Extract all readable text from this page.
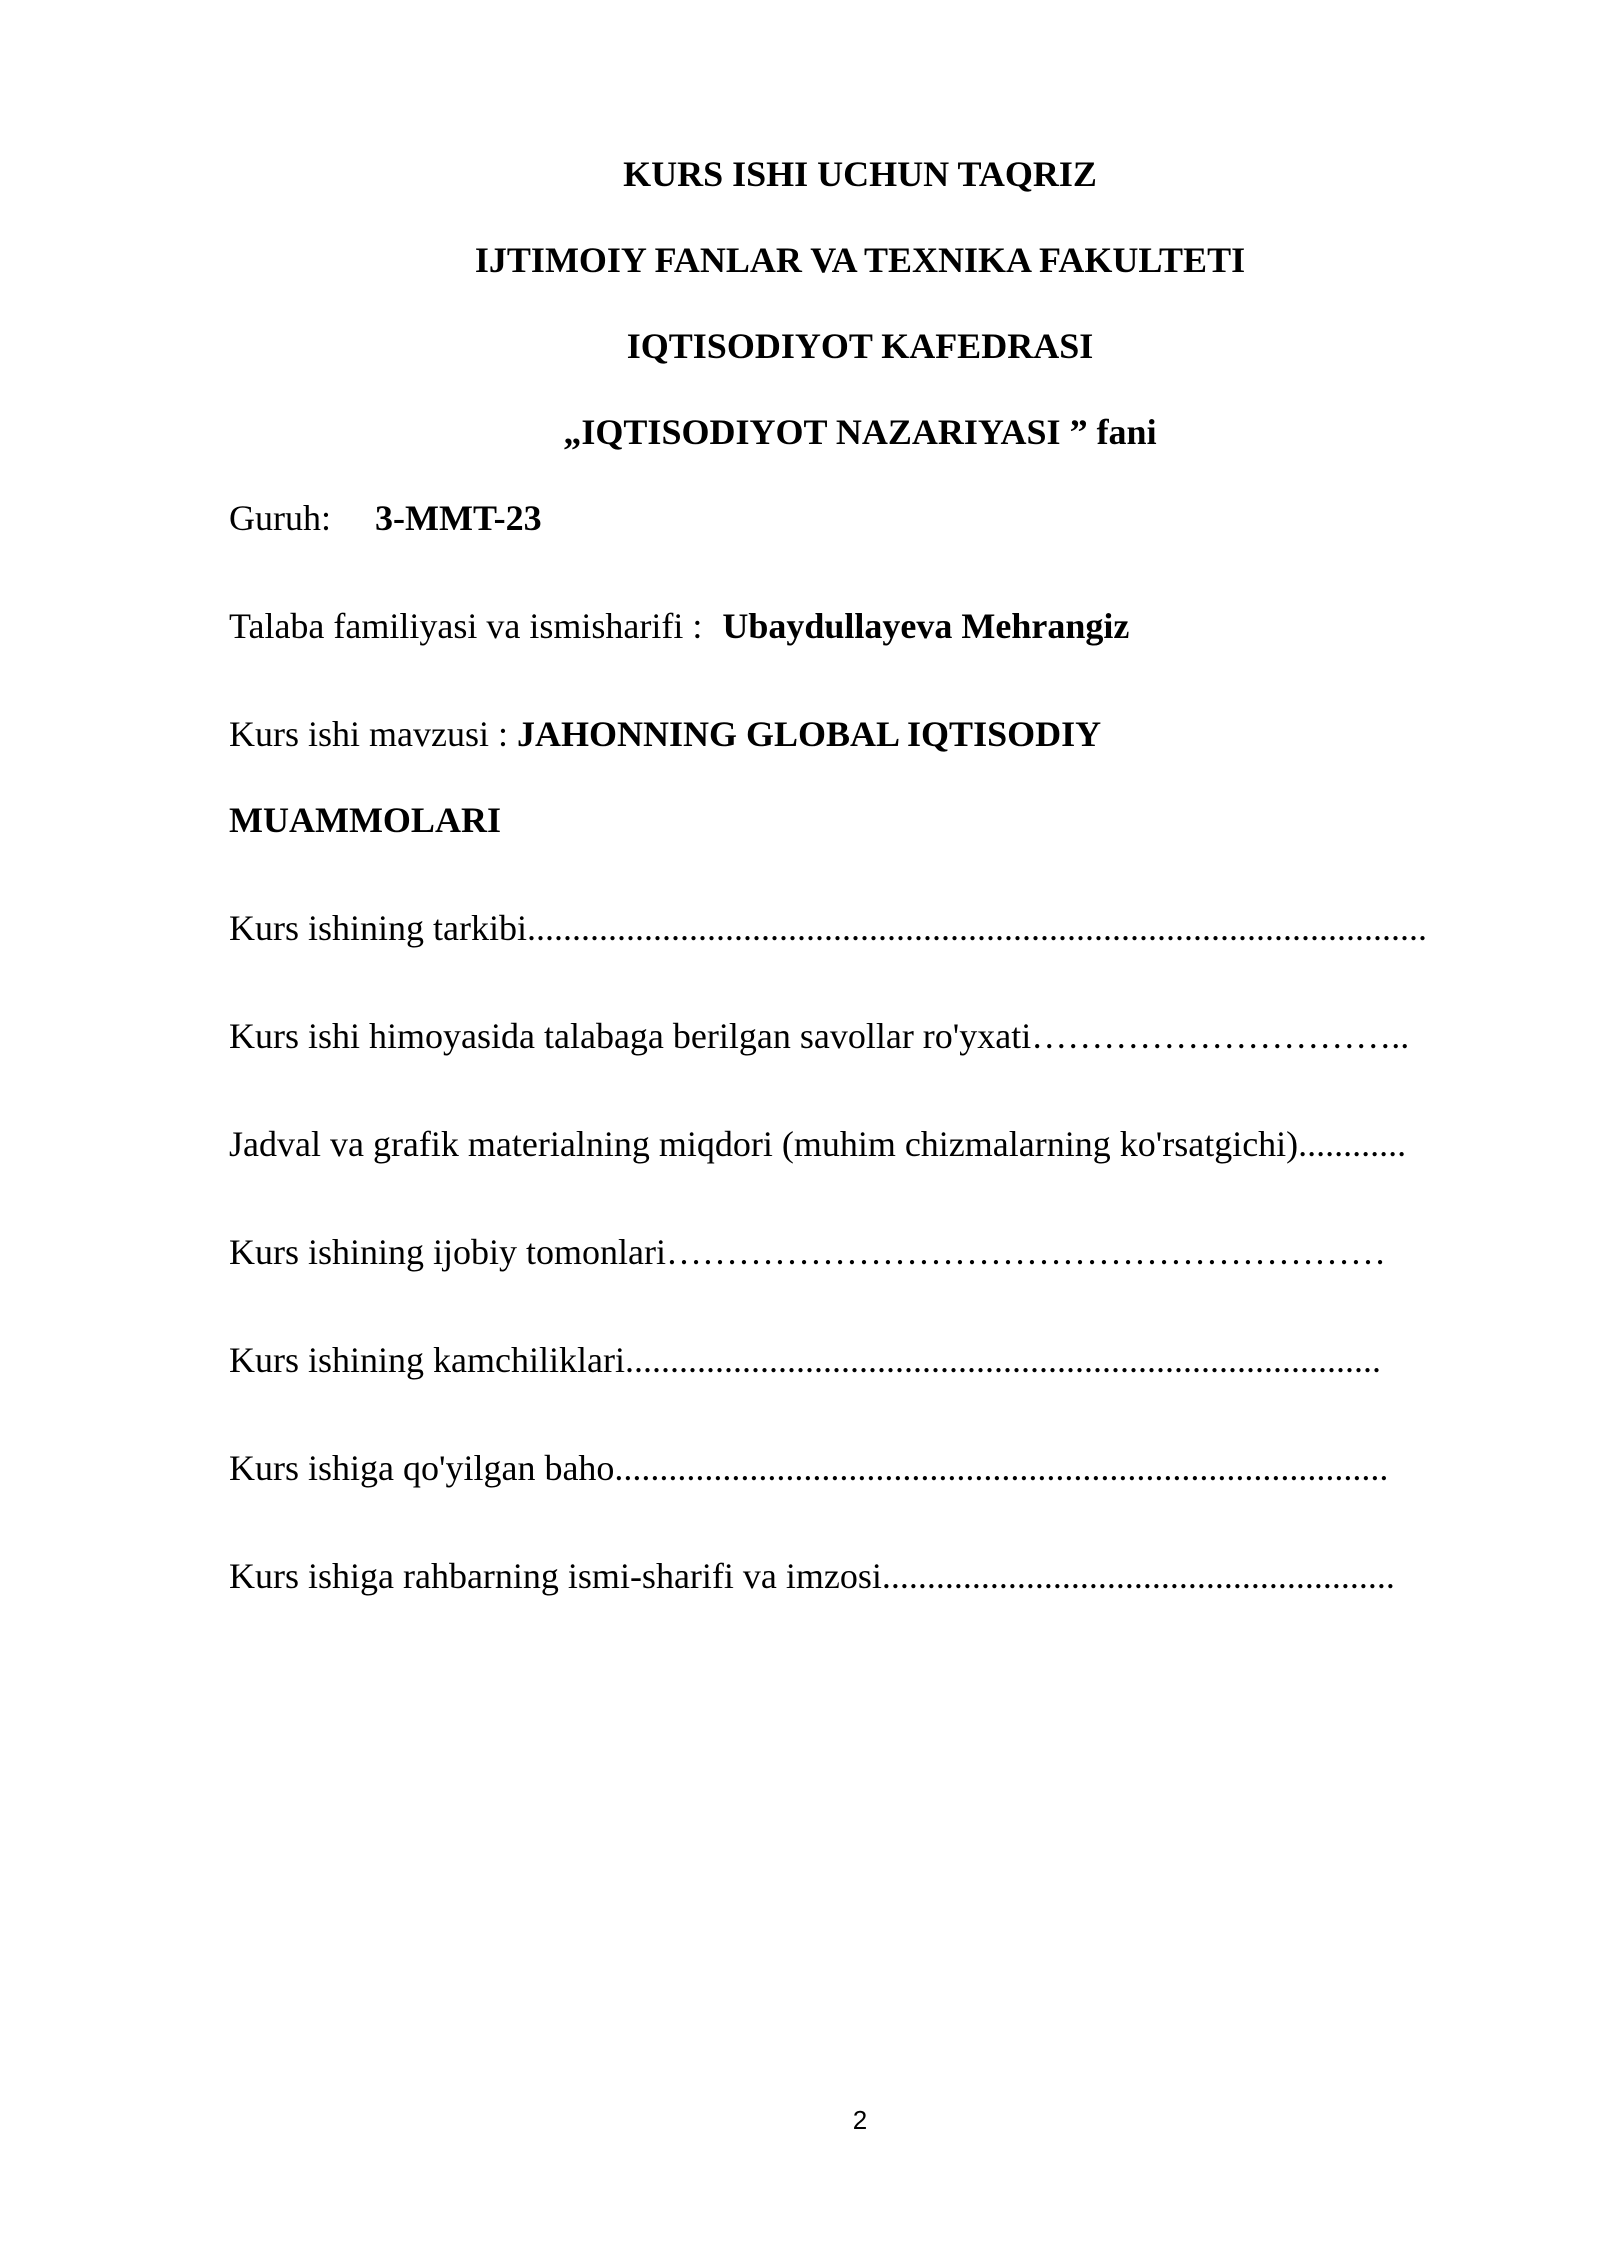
KURS ISHI UCHUN TAQRIZ
IJTIMOIY FANLAR VA TEXNIKA FAKULTETI
IQTISODIYOT KAFEDRASI
„IQTISODIYOT NAZARIYASI ” fani
Guruh: 3-MMT-23
Talaba familiyasi va ismisharifi : Ubaydullayeva Mehrangiz
Kurs ishi mavzusi : JAHONNING GLOBAL IQTISODIY
MUAMMOLARI
Kurs ishining tarkibi....................................................................................................
Kurs ishi himoyasida talabaga berilgan savollar ro'yxati…………………………..
Jadval va grafik materialning miqdori (muhim chizmalarning ko'rsatgichi)............
Kurs ishining ijobiy tomonlari……………………………………………………
Kurs ishining kamchiliklari....................................................................................
Kurs ishiga qo'yilgan baho......................................................................................
Kurs ishiga rahbarning ismi-sharifi va imzosi.........................................................
2
